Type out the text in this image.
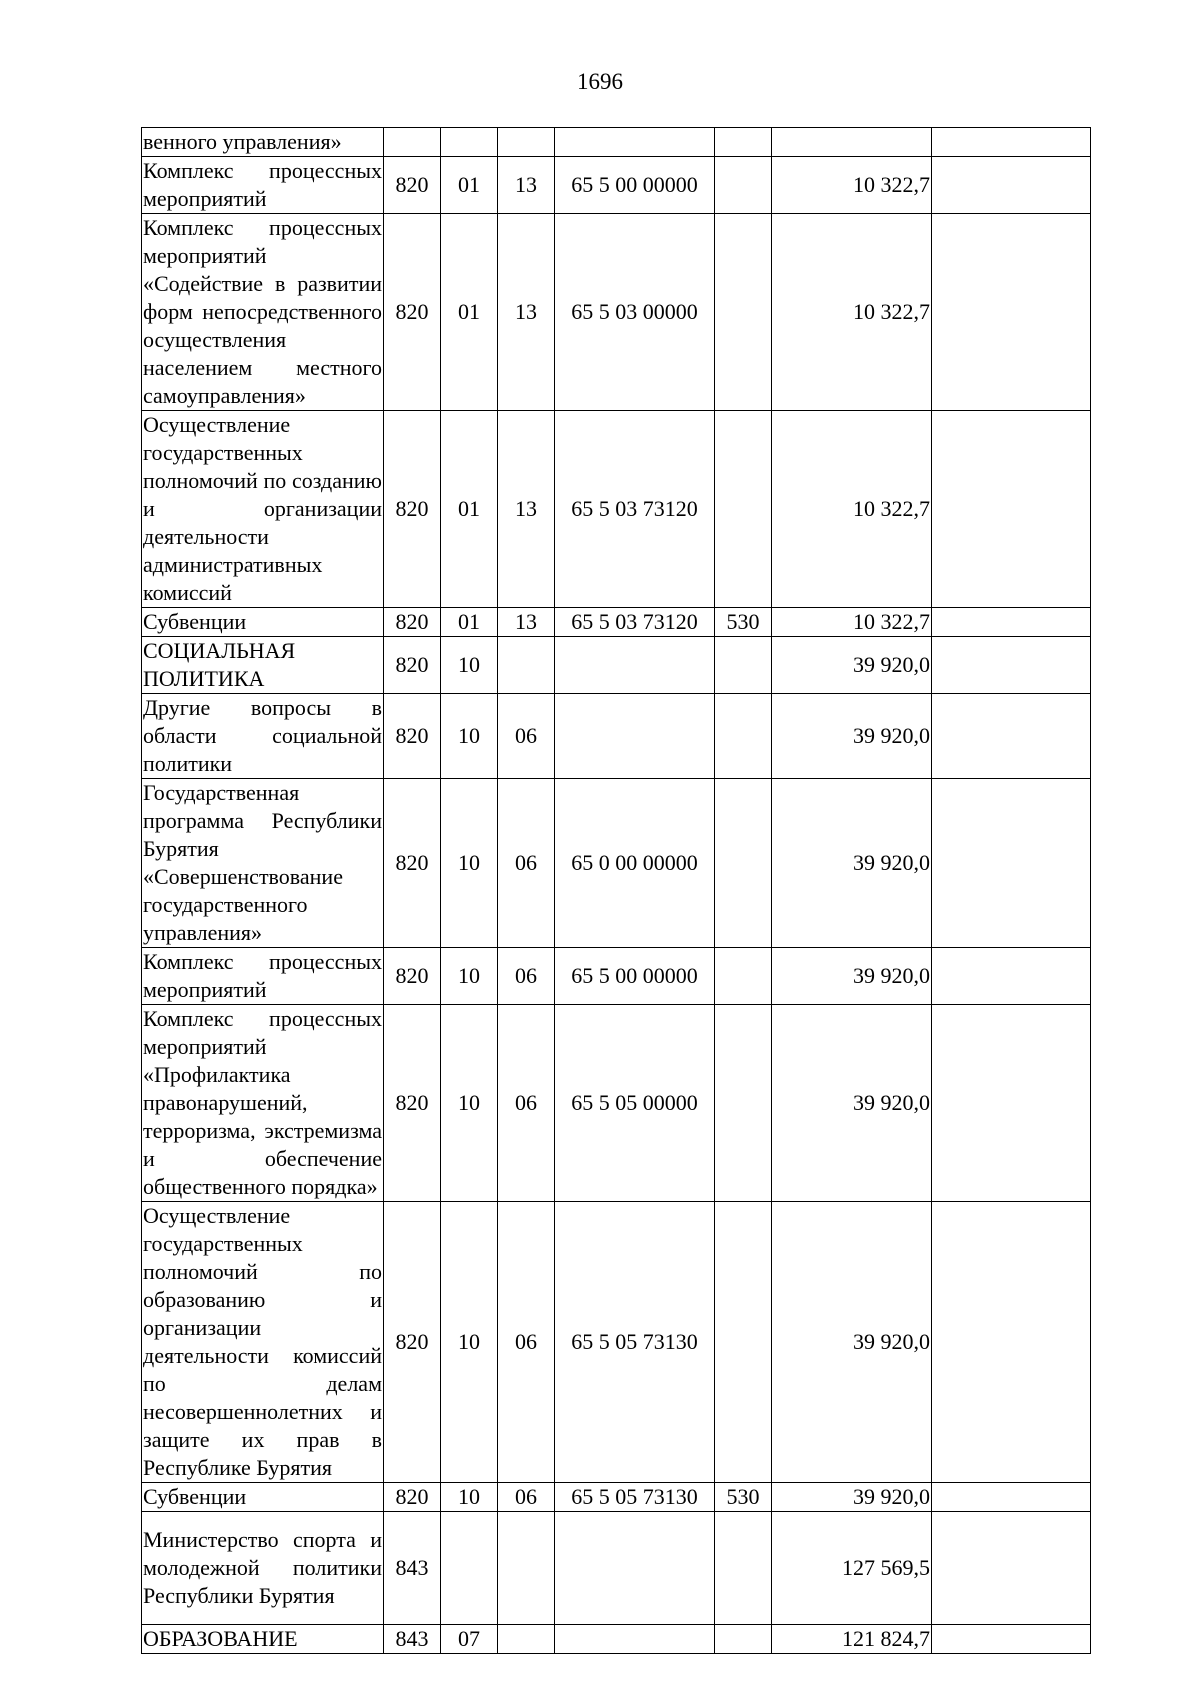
1696
венного управления»							
Комплекс процессных мероприятий	820	01	13	65 5 00 00000		10 322,7	
Комплекс процессных мероприятий «Содействие в развитии форм непосредственного осуществления населением местного самоуправления»	820	01	13	65 5 03 00000		10 322,7	
Осуществление государственных полномочий по созданию и организации деятельности административных комиссий	820	01	13	65 5 03 73120		10 322,7	
Субвенции	820	01	13	65 5 03 73120	530	10 322,7	
СОЦИАЛЬНАЯ ПОЛИТИКА	820	10				39 920,0	
Другие вопросы в области социальной политики	820	10	06			39 920,0	
Государственная программа Республики Бурятия «Совершенствование государственного управления»	820	10	06	65 0 00 00000		39 920,0	
Комплекс процессных мероприятий	820	10	06	65 5 00 00000		39 920,0	
Комплекс процессных мероприятий «Профилактика правонарушений, терроризма, экстремизма и обеспечение общественного порядка»	820	10	06	65 5 05 00000		39 920,0	
Осуществление государственных полномочий по образованию и организации деятельности комиссий по делам несовершеннолетних и защите их прав в Республике Бурятия	820	10	06	65 5 05 73130		39 920,0	
Субвенции	820	10	06	65 5 05 73130	530	39 920,0	
Министерство спорта и молодежной политики Республики Бурятия	843					127 569,5	
ОБРАЗОВАНИЕ	843	07				121 824,7	
